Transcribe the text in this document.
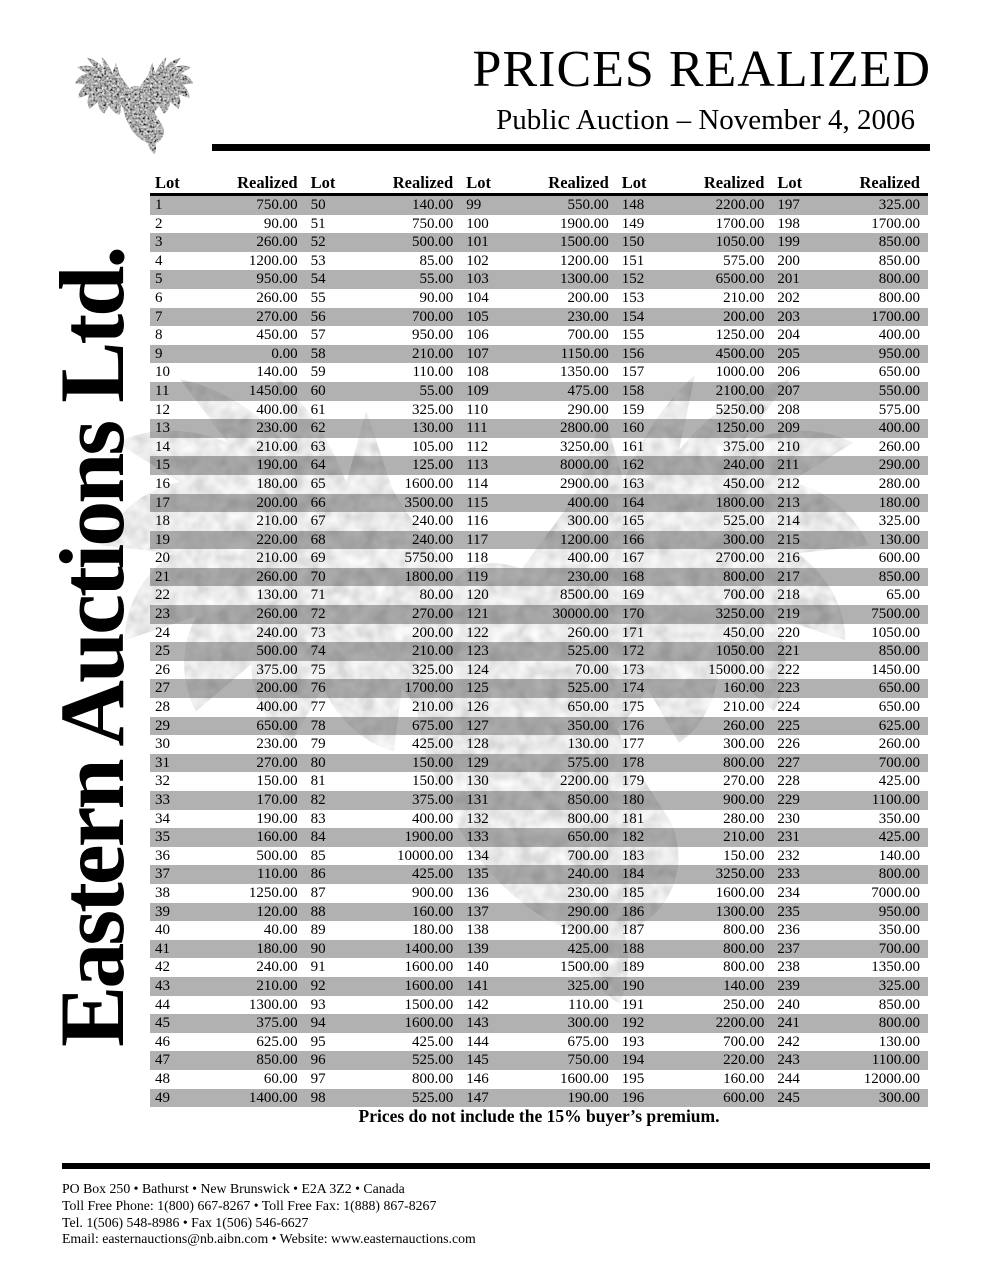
PRICES REALIZED
Public Auction – November 4, 2006
Eastern Auctions Ltd.
Lot	Realized Lot	Realized Lot	Realized Lot	Realized Lot	Realized
1	750.00 50	140.00 99	550.00 148	2200.00 197	325.00
2	90.00 51	750.00 100	1900.00 149	1700.00 198	1700.00
3	260.00 52	500.00 101	1500.00 150	1050.00 199	850.00
4	1200.00 53	85.00 102	1200.00 151	575.00 200	850.00
5	950.00 54	55.00 103	1300.00 152	6500.00 201	800.00
6	260.00 55	90.00 104	200.00 153	210.00 202	800.00
7	270.00 56	700.00 105	230.00 154	200.00 203	1700.00
8	450.00 57	950.00 106	700.00 155	1250.00 204	400.00
9	0.00 58	210.00 107	1150.00 156	4500.00 205	950.00
10	140.00 59	110.00 108	1350.00 157	1000.00 206	650.00
11	1450.00 60	55.00 109	475.00 158	2100.00 207	550.00
12	400.00 61	325.00 110	290.00 159	5250.00 208	575.00
13	230.00 62	130.00 111	2800.00 160	1250.00 209	400.00
14	210.00 63	105.00 112	3250.00 161	375.00 210	260.00
15	190.00 64	125.00 113	8000.00 162	240.00 211	290.00
16	180.00 65	1600.00 114	2900.00 163	450.00 212	280.00
17	200.00 66	3500.00 115	400.00 164	1800.00 213	180.00
18	210.00 67	240.00 116	300.00 165	525.00 214	325.00
19	220.00 68	240.00 117	1200.00 166	300.00 215	130.00
20	210.00 69	5750.00 118	400.00 167	2700.00 216	600.00
21	260.00 70	1800.00 119	230.00 168	800.00 217	850.00
22	130.00 71	80.00 120	8500.00 169	700.00 218	65.00
23	260.00 72	270.00 121	30000.00 170	3250.00 219	7500.00
24	240.00 73	200.00 122	260.00 171	450.00 220	1050.00
25	500.00 74	210.00 123	525.00 172	1050.00 221	850.00
26	375.00 75	325.00 124	70.00 173	15000.00 222	1450.00
27	200.00 76	1700.00 125	525.00 174	160.00 223	650.00
28	400.00 77	210.00 126	650.00 175	210.00 224	650.00
29	650.00 78	675.00 127	350.00 176	260.00 225	625.00
30	230.00 79	425.00 128	130.00 177	300.00 226	260.00
31	270.00 80	150.00 129	575.00 178	800.00 227	700.00
32	150.00 81	150.00 130	2200.00 179	270.00 228	425.00
33	170.00 82	375.00 131	850.00 180	900.00 229	1100.00
34	190.00 83	400.00 132	800.00 181	280.00 230	350.00
35	160.00 84	1900.00 133	650.00 182	210.00 231	425.00
36	500.00 85	10000.00 134	700.00 183	150.00 232	140.00
37	110.00 86	425.00 135	240.00 184	3250.00 233	800.00
38	1250.00 87	900.00 136	230.00 185	1600.00 234	7000.00
39	120.00 88	160.00 137	290.00 186	1300.00 235	950.00
40	40.00 89	180.00 138	1200.00 187	800.00 236	350.00
41	180.00 90	1400.00 139	425.00 188	800.00 237	700.00
42	240.00 91	1600.00 140	1500.00 189	800.00 238	1350.00
43	210.00 92	1600.00 141	325.00 190	140.00 239	325.00
44	1300.00 93	1500.00 142	110.00 191	250.00 240	850.00
45	375.00 94	1600.00 143	300.00 192	2200.00 241	800.00
46	625.00 95	425.00 144	675.00 193	700.00 242	130.00
47	850.00 96	525.00 145	750.00 194	220.00 243	1100.00
48	60.00 97	800.00 146	1600.00 195	160.00 244	12000.00
49	1400.00 98	525.00 147	190.00 196	600.00 245	300.00
Prices do not include the 15% buyer’s premium.
PO Box 250 • Bathurst • New Brunswick • E2A 3Z2 • Canada
Toll Free Phone: 1(800) 667-8267 • Toll Free Fax: 1(888) 867-8267
Tel. 1(506) 548-8986 • Fax 1(506) 546-6627
Email: easternauctions@nb.aibn.com • Website: www.easternauctions.com
